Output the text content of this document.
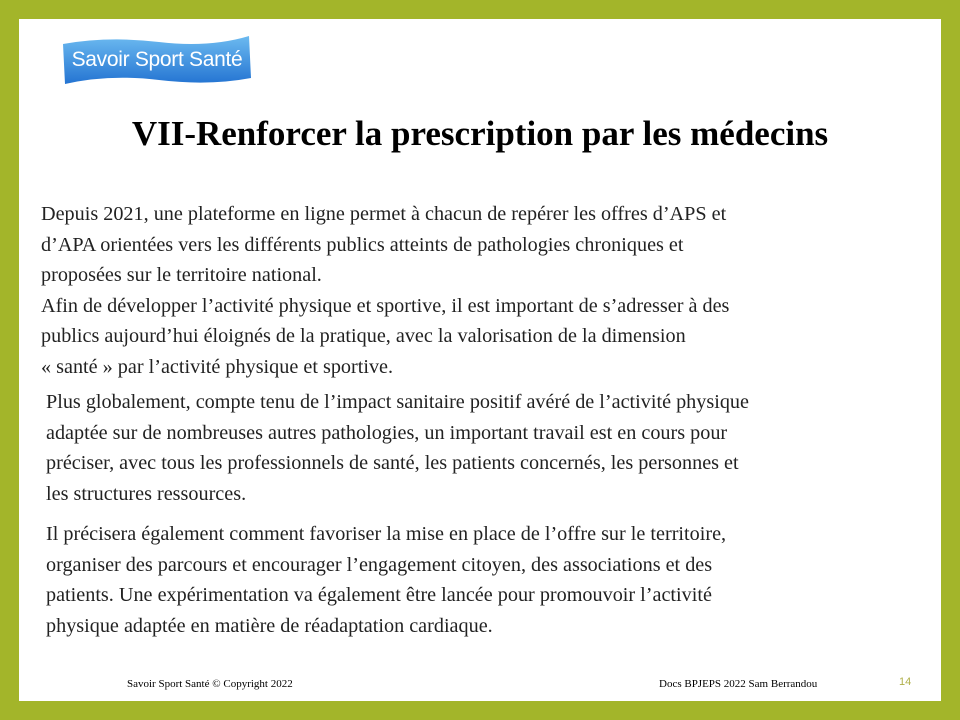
Savoir Sport Santé
VII-Renforcer la prescription par les médecins
Depuis 2021, une plateforme en ligne permet à chacun de repérer les offres d’APS et
d’APA orientées vers les différents publics atteints de pathologies chroniques et
proposées sur le territoire national.
Afin de développer l’activité physique et sportive, il est important de s’adresser à des
publics aujourd’hui éloignés de la pratique, avec la valorisation de la dimension
« santé » par l’activité physique et sportive.
Plus globalement, compte tenu de l’impact sanitaire positif avéré de l’activité physique
adaptée sur de nombreuses autres pathologies, un important travail est en cours pour
préciser, avec tous les professionnels de santé, les patients concernés, les personnes et
les structures ressources.
Il précisera également comment favoriser la mise en place de l’offre sur le territoire,
organiser des parcours et encourager l’engagement citoyen, des associations et des
patients. Une expérimentation va également être lancée pour promouvoir l’activité
physique adaptée en matière de réadaptation cardiaque.
Savoir Sport Santé © Copyright 2022	Docs BPJEPS 2022 Sam Berrandou	14
